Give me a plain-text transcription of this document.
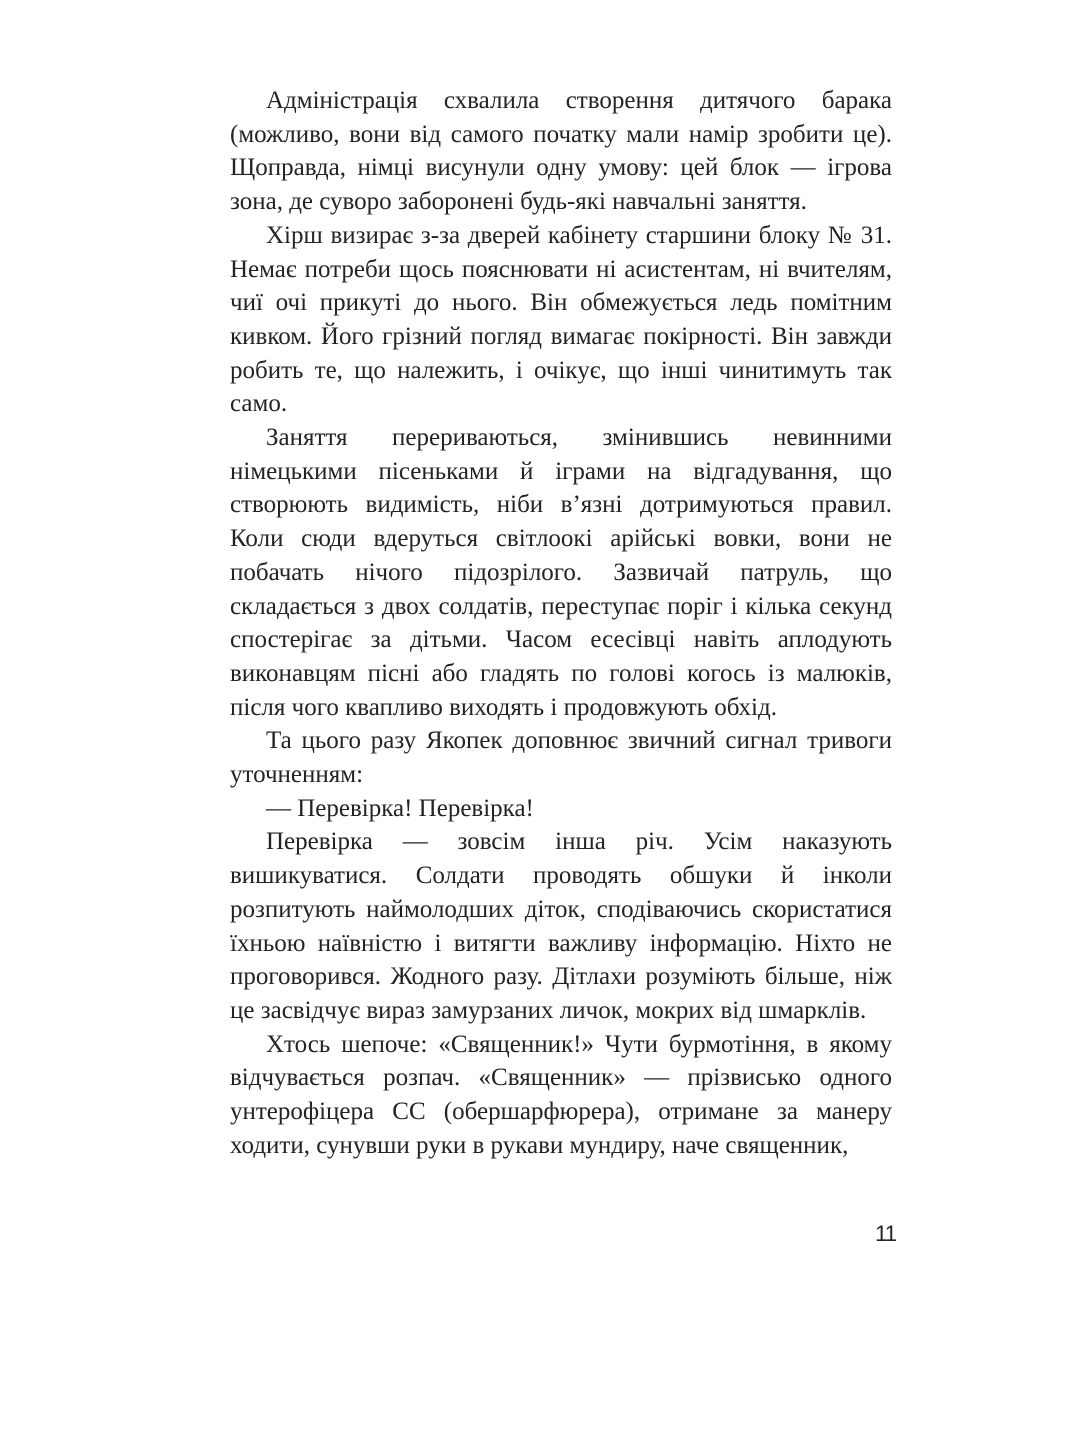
Адміністрація схвалила створення дитячого барака (можливо, вони від самого початку мали намір зробити це). Щоправда, німці висунули одну умову: цей блок — ігрова зона, де суворо заборонені будь-які навчальні заняття.

Хірш визирає з-за дверей кабінету старшини блоку № 31. Немає потреби щось пояснювати ні асистентам, ні вчителям, чиї очі прикуті до нього. Він обмежується ледь помітним кивком. Його грізний погляд вимагає покірності. Він завжди робить те, що належить, і очікує, що інші чинитимуть так само.

Заняття перериваються, змінившись невинними німецькими пісеньками й іграми на відгадування, що створюють видимість, ніби в’язні дотримуються правил. Коли сюди вдеруться світлоокі арійські вовки, вони не побачать нічого підозрілого. Зазвичай патруль, що складається з двох солдатів, переступає поріг і кілька секунд спостерігає за дітьми. Часом есесівці навіть аплодують виконавцям пісні або гладять по голові когось із малюків, після чого квапливо виходять і продовжують обхід.

Та цього разу Якопек доповнює звичний сигнал тривоги уточненням:

— Перевірка! Перевірка!

Перевірка — зовсім інша річ. Усім наказують вишикуватися. Солдати проводять обшуки й інколи розпитують наймолодших діток, сподіваючись скористатися їхньою наївністю і витягти важливу інформацію. Ніхто не проговорився. Жодного разу. Дітлахи розуміють більше, ніж це засвідчує вираз замурзаних личок, мокрих від шмарклів.

Хтось шепоче: «Священник!» Чути бурмотіння, в якому відчувається розпач. «Священник» — прізвисько одного унтерофіцера СС (обершарфюрера), отримане за манеру ходити, сунувши руки в рукави мундиру, наче священник,

11
